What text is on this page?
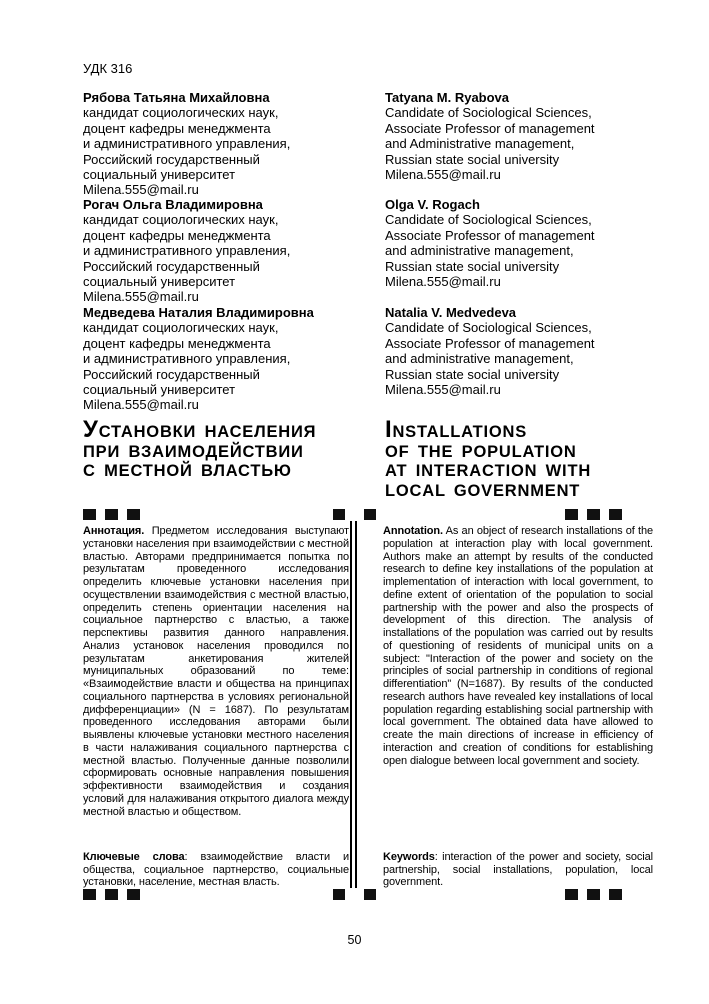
УДК 316
Рябова Татьяна Михайловна
кандидат социологических наук,
доцент кафедры менеджмента
и административного управления,
Российский государственный
социальный университет
Milena.555@mail.ru
Tatyana M. Ryabova
Candidate of Sociological Sciences,
Associate Professor of management
and Administrative management,
Russian state social university
Milena.555@mail.ru
Рогач Ольга Владимировна
кандидат социологических наук,
доцент кафедры менеджмента
и административного управления,
Российский государственный
социальный университет
Milena.555@mail.ru
Olga V. Rogach
Candidate of Sociological Sciences,
Associate Professor of management
and administrative management,
Russian state social university
Milena.555@mail.ru
Медведева Наталия Владимировна
кандидат социологических наук,
доцент кафедры менеджмента
и административного управления,
Российский государственный
социальный университет
Milena.555@mail.ru
Natalia V. Medvedeva
Candidate of Sociological Sciences,
Associate Professor of management
and administrative management,
Russian state social university
Milena.555@mail.ru
УСТАНОВКИ НАСЕЛЕНИЯ
ПРИ ВЗАИМОДЕЙСТВИИ
С МЕСТНОЙ ВЛАСТЬЮ
INSTALLATIONS
OF THE POPULATION
AT INTERACTION WITH
LOCAL GOVERNMENT

Аннотация. Предметом исследования выступают установки населения при взаимодействии с местной властью. Авторами предпринимается попытка по результатам проведенного исследования определить ключевые установки населения при осуществлении взаимодействия с местной властью, определить степень ориентации населения на социальное партнерство с властью, а также перспективы развития данного направления. Анализ установок населения проводился по результатам анкетирования жителей муниципальных образований по теме: «Взаимодействие власти и общества на принципах социального партнерства в условиях региональной дифференциации» (N = 1687). По результатам проведенного исследования авторами были выявлены ключевые установки местного населения в части налаживания социального партнерства с местной властью. Полученные данные позволили сформировать основные направления повышения эффективности взаимодействия и создания условий для налаживания открытого диалога между местной властью и обществом.

Ключевые слова: взаимодействие власти и общества, социальное партнерство, социальные установки, население, местная власть.

Annotation. As an object of research installations of the population at interaction play with local government. Authors make an attempt by results of the conducted research to define key installations of the population at implementation of interaction with local government, to define extent of orientation of the population to social partnership with the power and also the prospects of development of this direction. The analysis of installations of the population was carried out by results of questioning of residents of municipal units on a subject: "Interaction of the power and society on the principles of social partnership in conditions of regional differentiation" (N=1687). By results of the conducted research authors have revealed key installations of local population regarding establishing social partnership with local government. The obtained data have allowed to create the main directions of increase in efficiency of interaction and creation of conditions for establishing open dialogue between local government and society.

Keywords: interaction of the power and society, social partnership, social installations, population, local government.

50
